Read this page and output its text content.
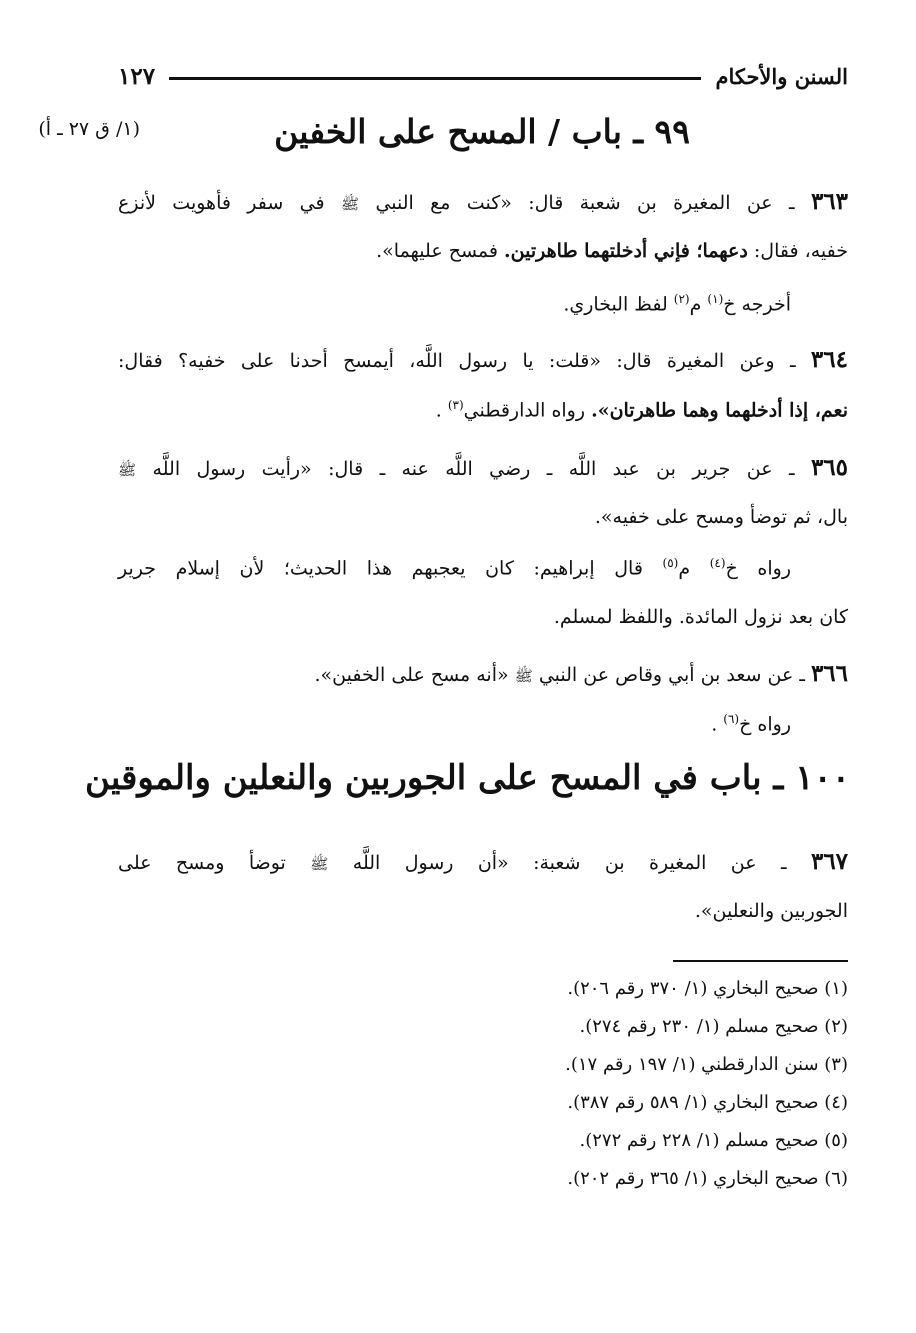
السنن والأحكام
١٢٧
(١/ ق ٢٧ ـ أ)	٩٩ ـ باب / المسح على الخفين
٣٦٣ ـ عن المغيرة بن شعبة قال: «كنت مع النبي ﷺ في سفر فأهويت لأنزع
خفيه، فقال: دعهما؛ فإني أدخلتهما طاهرتين. فمسح عليهما».
أخرجه خ$^{(١)}$ م$^{(٢)}$ لفظ البخاري.
٣٦٤ ـ وعن المغيرة قال: «قلت: يا رسول اللَّه، أيمسح أحدنا على خفيه؟ فقال:
نعم، إذا أدخلهما وهما طاهرتان». رواه الدارقطني$^{(٣)}$ .
٣٦٥ ـ عن جرير بن عبد اللَّه ـ رضي اللَّه عنه ـ قال: «رأيت رسول اللَّه ﷺ
بال، ثم توضأ ومسح على خفيه».
رواه خ$^{(٤)}$ م$^{(٥)}$ قال إبراهيم: كان يعجبهم هذا الحديث؛ لأن إسلام جرير
كان بعد نزول المائدة. واللفظ لمسلم.
٣٦٦ ـ عن سعد بن أبي وقاص عن النبي ﷺ «أنه مسح على الخفين».
رواه خ$^{(٦)}$ .
١٠٠ ـ باب في المسح على الجوربين والنعلين والموقين
٣٦٧ ـ عن المغيرة بن شعبة: «أن رسول اللَّه ﷺ توضأ ومسح على
الجوربين والنعلين».
(١) صحيح البخاري (١/ ٣٧٠ رقم ٢٠٦).
(٢) صحيح مسلم (١/ ٢٣٠ رقم ٢٧٤).
(٣) سنن الدارقطني (١/ ١٩٧ رقم ١٧).
(٤) صحيح البخاري (١/ ٥٨٩ رقم ٣٨٧).
(٥) صحيح مسلم (١/ ٢٢٨ رقم ٢٧٢).
(٦) صحيح البخاري (١/ ٣٦٥ رقم ٢٠٢).
